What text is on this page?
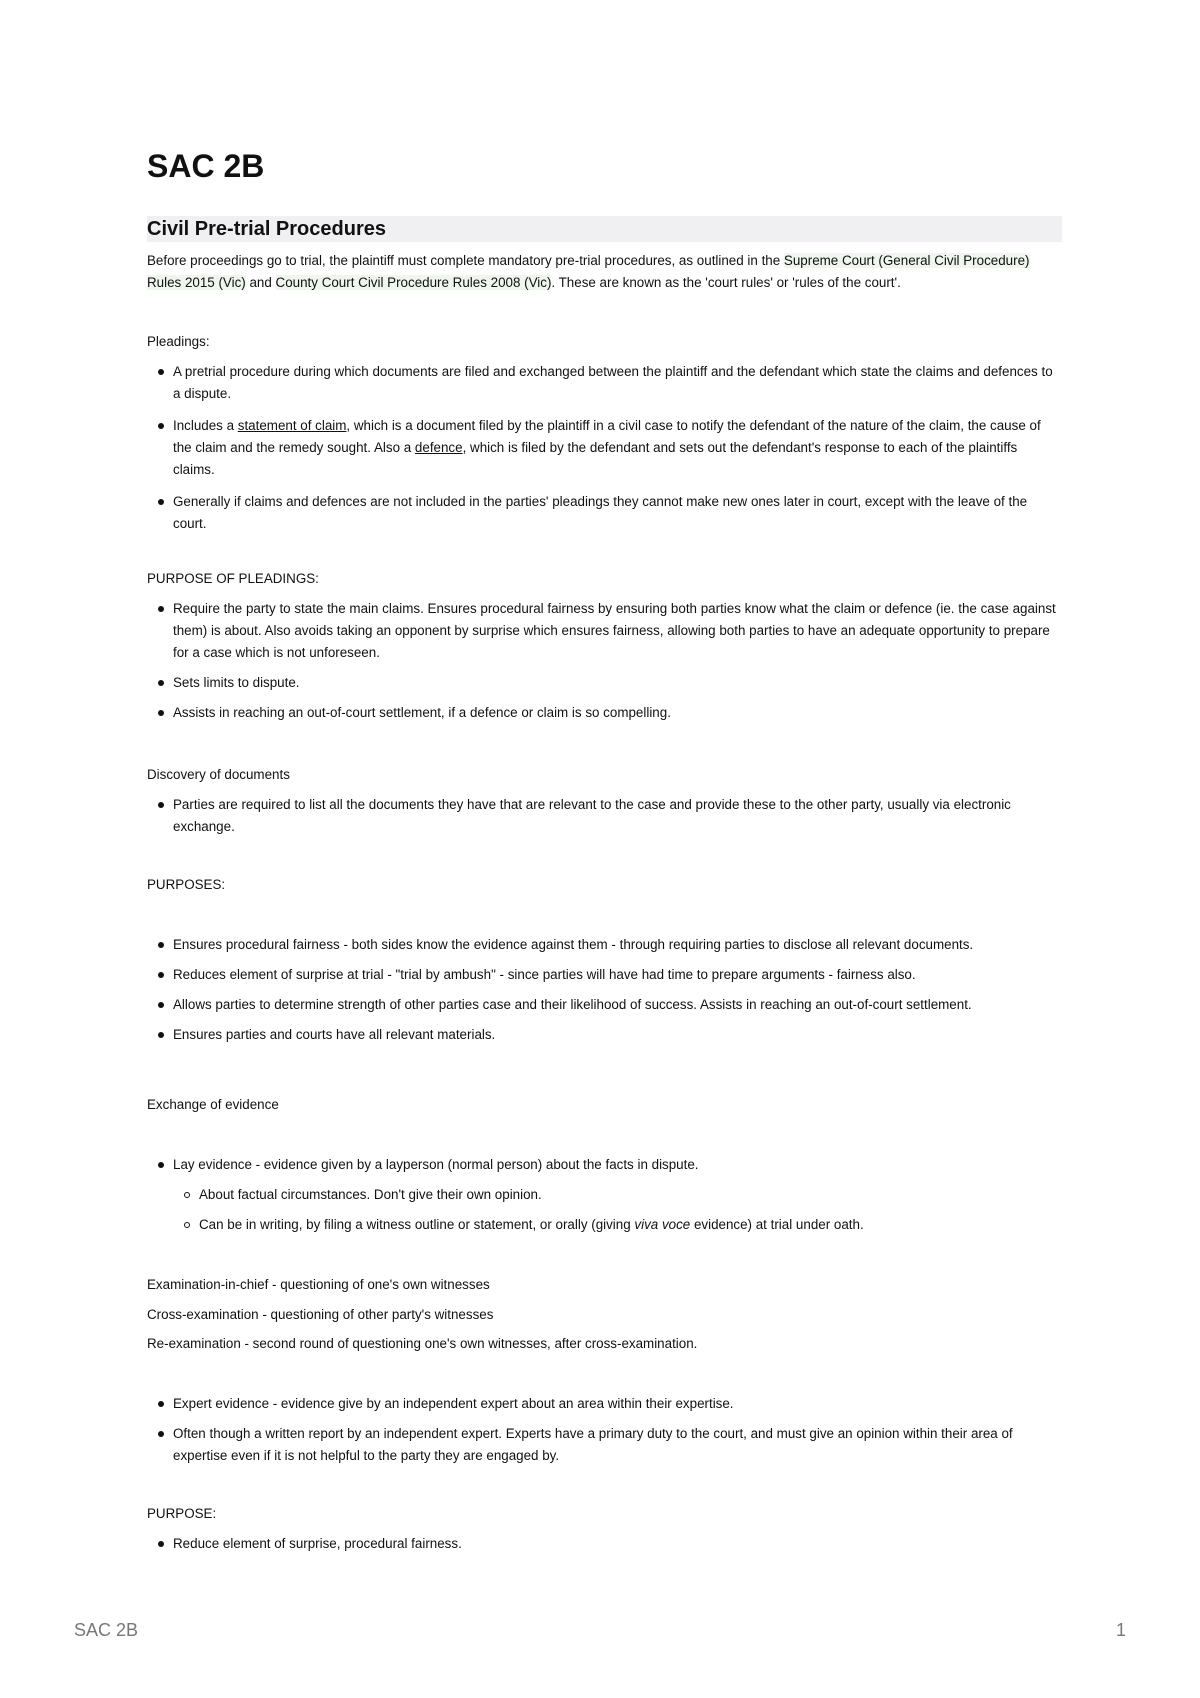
SAC 2B
Civil Pre-trial Procedures

Before proceedings go to trial, the plaintiff must complete mandatory pre-trial procedures, as outlined in the Supreme Court (General Civil Procedure) Rules 2015 (Vic) and County Court Civil Procedure Rules 2008 (Vic). These are known as the 'court rules' or 'rules of the court'.

Pleadings:

A pretrial procedure during which documents are filed and exchanged between the plaintiff and the defendant which state the claims and defences to a dispute.
Includes a statement of claim, which is a document filed by the plaintiff in a civil case to notify the defendant of the nature of the claim, the cause of the claim and the remedy sought. Also a defence, which is filed by the defendant and sets out the defendant's response to each of the plaintiffs claims.
Generally if claims and defences are not included in the parties' pleadings they cannot make new ones later in court, except with the leave of the court.

PURPOSE OF PLEADINGS:

Require the party to state the main claims. Ensures procedural fairness by ensuring both parties know what the claim or defence (ie. the case against them) is about. Also avoids taking an opponent by surprise which ensures fairness, allowing both parties to have an adequate opportunity to prepare for a case which is not unforeseen.
Sets limits to dispute.
Assists in reaching an out-of-court settlement, if a defence or claim is so compelling.

Discovery of documents

Parties are required to list all the documents they have that are relevant to the case and provide these to the other party, usually via electronic exchange.

PURPOSES:

Ensures procedural fairness - both sides know the evidence against them - through requiring parties to disclose all relevant documents.
Reduces element of surprise at trial - "trial by ambush" - since parties will have had time to prepare arguments - fairness also.
Allows parties to determine strength of other parties case and their likelihood of success. Assists in reaching an out-of-court settlement.
Ensures parties and courts have all relevant materials.

Exchange of evidence

Lay evidence - evidence given by a layperson (normal person) about the facts in dispute.
About factual circumstances. Don't give their own opinion.
Can be in writing, by filing a witness outline or statement, or orally (giving viva voce evidence) at trial under oath.

Examination-in-chief - questioning of one's own witnesses

Cross-examination - questioning of other party's witnesses

Re-examination - second round of questioning one's own witnesses, after cross-examination.

Expert evidence - evidence give by an independent expert about an area within their expertise.
Often though a written report by an independent expert. Experts have a primary duty to the court, and must give an opinion within their area of expertise even if it is not helpful to the party they are engaged by.

PURPOSE:

Reduce element of surprise, procedural fairness.
SAC 2B	1
